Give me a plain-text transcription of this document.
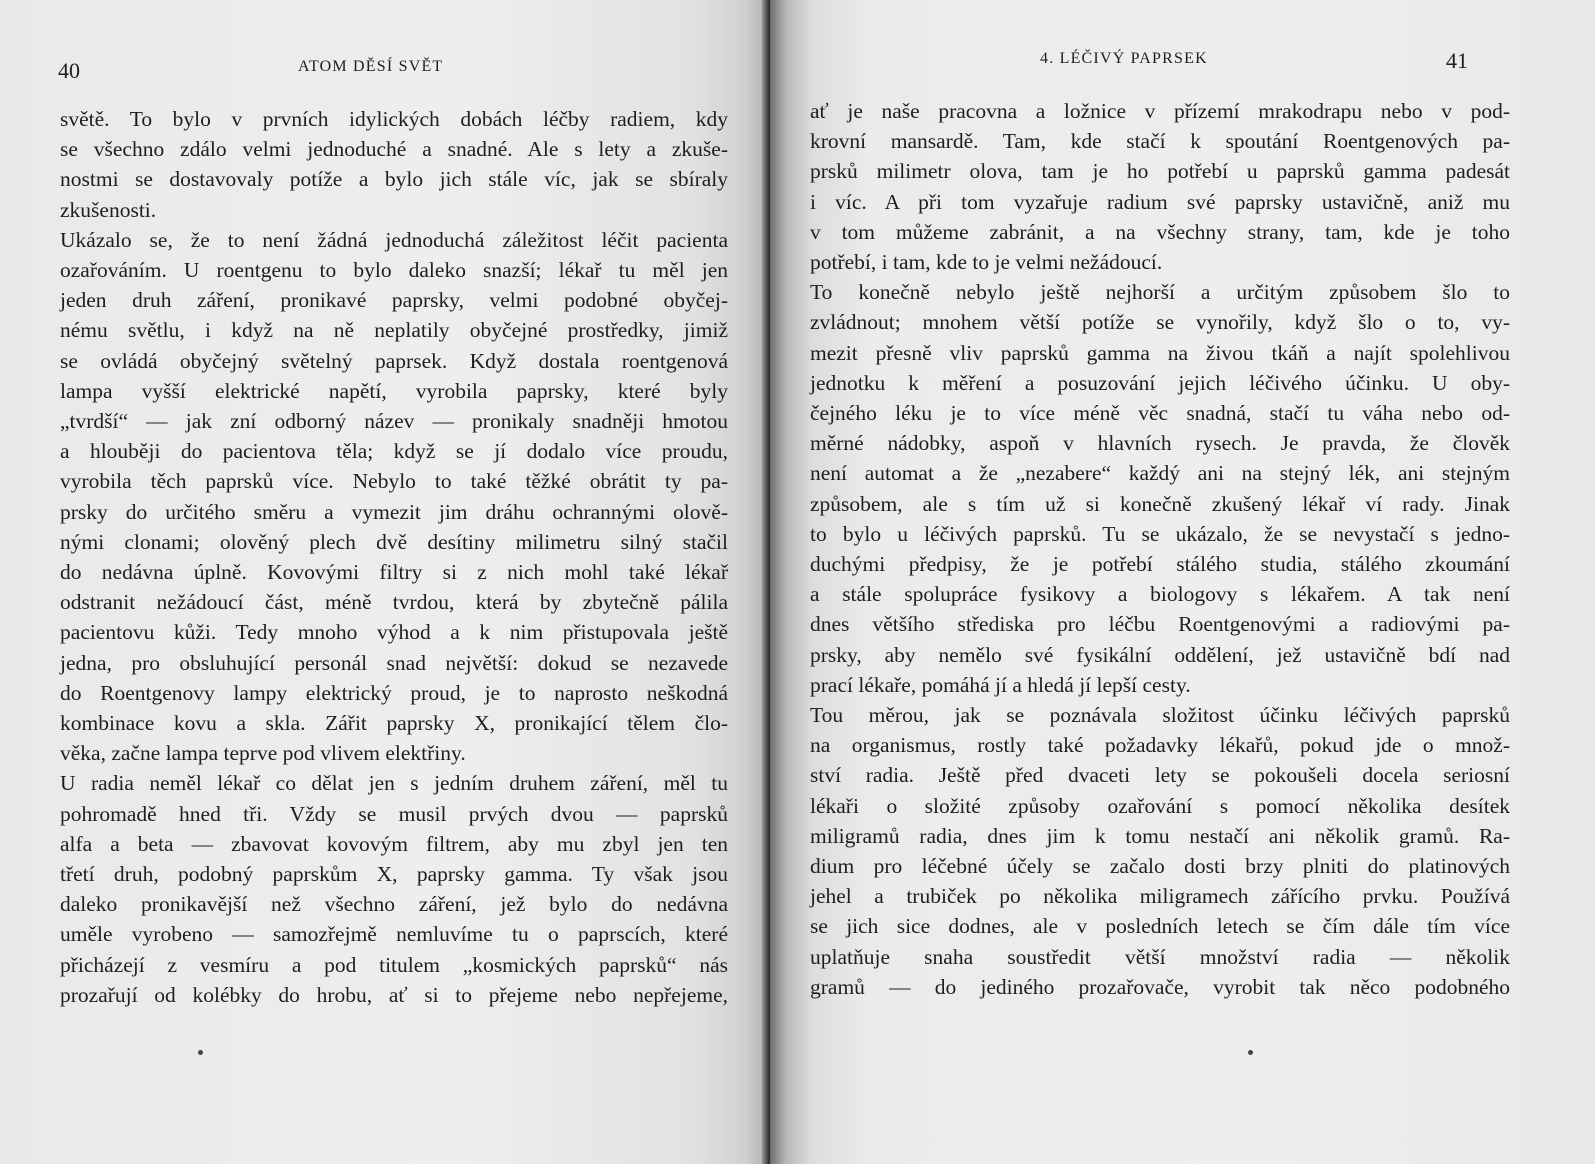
40	ATOM DĚSÍ SVĚT
světě. To bylo v prvních idylických dobách léčby radiem, kdy
se všechno zdálo velmi jednoduché a snadné. Ale s lety a zkuše-
nostmi se dostavovaly potíže a bylo jich stále víc, jak se sbíraly
zkušenosti.
Ukázalo se, že to není žádná jednoduchá záležitost léčit pacienta
ozařováním. U roentgenu to bylo daleko snazší; lékař tu měl jen
jeden druh záření, pronikavé paprsky, velmi podobné obyčej-
nému světlu, i když na ně neplatily obyčejné prostředky, jimiž
se ovládá obyčejný světelný paprsek. Když dostala roentgenová
lampa vyšší elektrické napětí, vyrobila paprsky, které byly
„tvrdší“ — jak zní odborný název — pronikaly snadněji hmotou
a hlouběji do pacientova těla; když se jí dodalo více proudu,
vyrobila těch paprsků více. Nebylo to také těžké obrátit ty pa-
prsky do určitého směru a vymezit jim dráhu ochrannými olově-
nými clonami; olověný plech dvě desítiny milimetru silný stačil
do nedávna úplně. Kovovými filtry si z nich mohl také lékař
odstranit nežádoucí část, méně tvrdou, která by zbytečně pálila
pacientovu kůži. Tedy mnoho výhod a k nim přistupovala ještě
jedna, pro obsluhující personál snad největší: dokud se nezavede
do Roentgenovy lampy elektrický proud, je to naprosto neškodná
kombinace kovu a skla. Zářit paprsky X, pronikající tělem člo-
věka, začne lampa teprve pod vlivem elektřiny.
U radia neměl lékař co dělat jen s jedním druhem záření, měl tu
pohromadě hned tři. Vždy se musil prvých dvou — paprsků
alfa a beta — zbavovat kovovým filtrem, aby mu zbyl jen ten
třetí druh, podobný paprskům X, paprsky gamma. Ty však jsou
daleko pronikavější než všechno záření, jež bylo do nedávna
uměle vyrobeno — samozřejmě nemluvíme tu o paprscích, které
přicházejí z vesmíru a pod titulem „kosmických paprsků“ nás
prozařují od kolébky do hrobu, ať si to přejeme nebo nepřejeme,
4. LÉČIVÝ PAPRSEK	41
ať je naše pracovna a ložnice v přízemí mrakodrapu nebo v pod-
krovní mansardě. Tam, kde stačí k spoutání Roentgenových pa-
prsků milimetr olova, tam je ho potřebí u paprsků gamma padesát
i víc. A při tom vyzařuje radium své paprsky ustavičně, aniž mu
v tom můžeme zabránit, a na všechny strany, tam, kde je toho
potřebí, i tam, kde to je velmi nežádoucí.
To konečně nebylo ještě nejhorší a určitým způsobem šlo to
zvládnout; mnohem větší potíže se vynořily, když šlo o to, vy-
mezit přesně vliv paprsků gamma na živou tkáň a najít spolehlivou
jednotku k měření a posuzování jejich léčivého účinku. U oby-
čejného léku je to více méně věc snadná, stačí tu váha nebo od-
měrné nádobky, aspoň v hlavních rysech. Je pravda, že člověk
není automat a že „nezabere“ každý ani na stejný lék, ani stejným
způsobem, ale s tím už si konečně zkušený lékař ví rady. Jinak
to bylo u léčivých paprsků. Tu se ukázalo, že se nevystačí s jedno-
duchými předpisy, že je potřebí stálého studia, stálého zkoumání
a stále spolupráce fysikovy a biologovy s lékařem. A tak není
dnes většího střediska pro léčbu Roentgenovými a radiovými pa-
prsky, aby nemělo své fysikální oddělení, jež ustavičně bdí nad
prací lékaře, pomáhá jí a hledá jí lepší cesty.
Tou měrou, jak se poznávala složitost účinku léčivých paprsků
na organismus, rostly také požadavky lékařů, pokud jde o množ-
ství radia. Ještě před dvaceti lety se pokoušeli docela seriosní
lékaři o složité způsoby ozařování s pomocí několika desítek
miligramů radia, dnes jim k tomu nestačí ani několik gramů. Ra-
dium pro léčebné účely se začalo dosti brzy plniti do platinových
jehel a trubiček po několika miligramech zářícího prvku. Používá
se jich sice dodnes, ale v posledních letech se čím dále tím více
uplatňuje snaha soustředit větší množství radia — několik
gramů — do jediného prozařovače, vyrobit tak něco podobného
